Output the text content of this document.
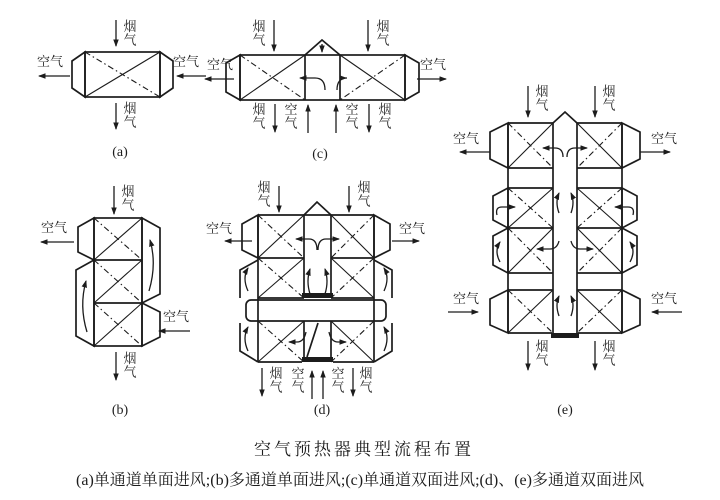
烟气
烟气
空气	空气
(a)
烟气
烟气
空气	空气
烟气
空气
空气
烟气
(c)
烟气
空气
空气
烟气
(b)
烟气
烟气
空气	空气
烟气
空气
空气
烟气
(d)
烟气
烟气
空气	空气
空气	空气
烟气
烟气
(e)
空气预热器典型流程布置
(a)单通道单面进风;(b)多通道单面进风;(c)单通道双面进风;(d)、(e)多通道双面进风
